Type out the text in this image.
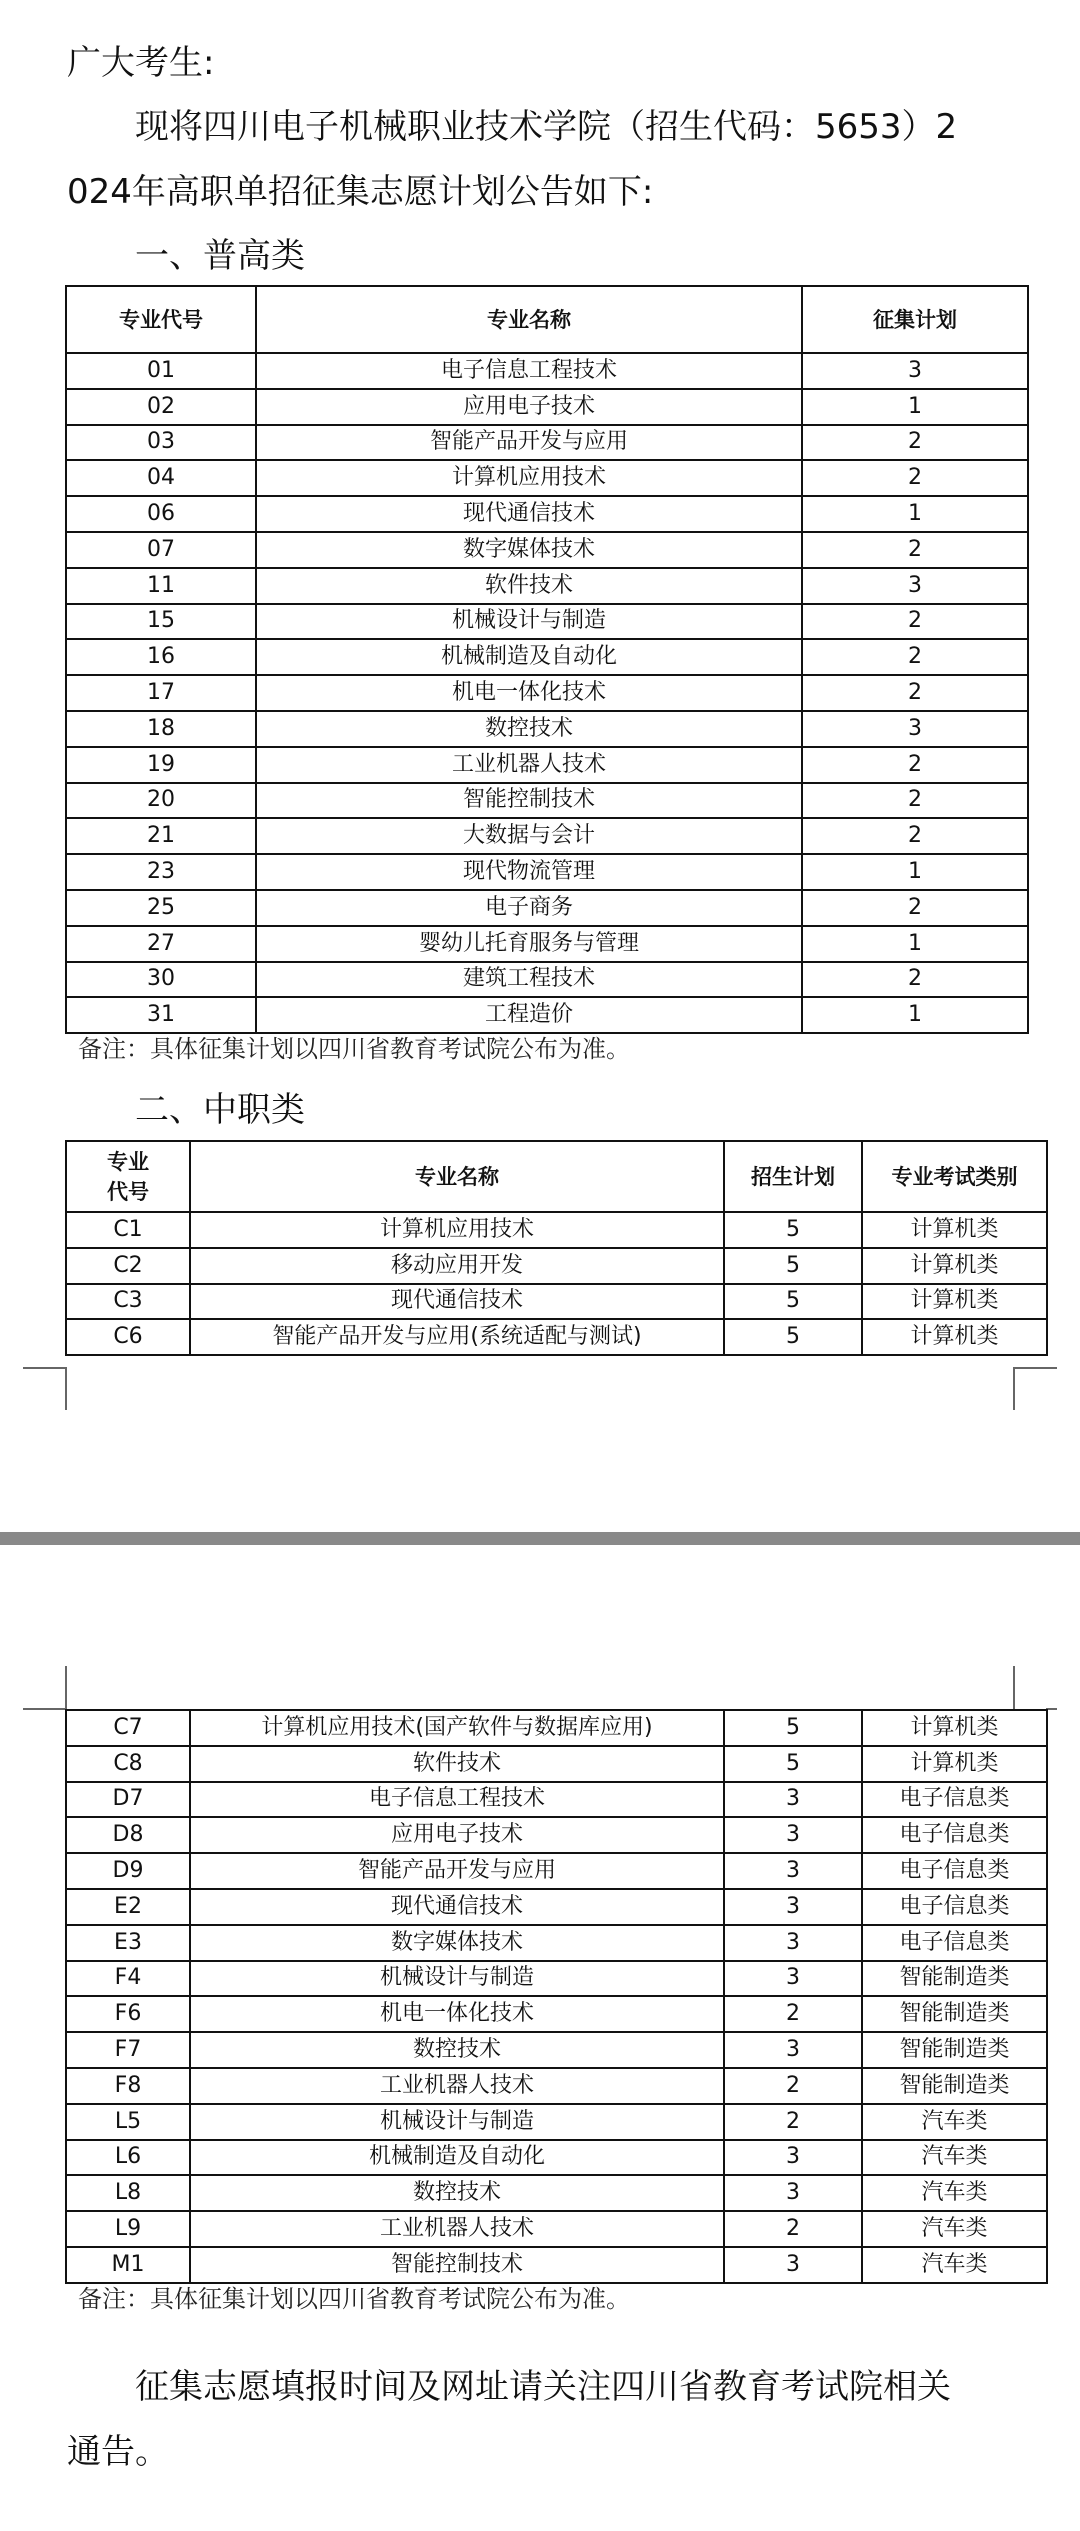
广大考生:
现将四川电子机械职业技术学院（招生代码：5653）2
024年高职单招征集志愿计划公告如下:
一、普高类
专业代号	专业名称	征集计划
01	电子信息工程技术	3
02	应用电子技术	1
03	智能产品开发与应用	2
04	计算机应用技术	2
06	现代通信技术	1
07	数字媒体技术	2
11	软件技术	3
15	机械设计与制造	2
16	机械制造及自动化	2
17	机电一体化技术	2
18	数控技术	3
19	工业机器人技术	2
20	智能控制技术	2
21	大数据与会计	2
23	现代物流管理	1
25	电子商务	2
27	婴幼儿托育服务与管理	1
30	建筑工程技术	2
31	工程造价	1
备注：具体征集计划以四川省教育考试院公布为准。
二、中职类
专业
代号	专业名称	招生计划	专业考试类别
C1	计算机应用技术	5	计算机类
C2	移动应用开发	5	计算机类
C3	现代通信技术	5	计算机类
C6	智能产品开发与应用(系统适配与测试)	5	计算机类
C7	计算机应用技术(国产软件与数据库应用)	5	计算机类
C8	软件技术	5	计算机类
D7	电子信息工程技术	3	电子信息类
D8	应用电子技术	3	电子信息类
D9	智能产品开发与应用	3	电子信息类
E2	现代通信技术	3	电子信息类
E3	数字媒体技术	3	电子信息类
F4	机械设计与制造	3	智能制造类
F6	机电一体化技术	2	智能制造类
F7	数控技术	3	智能制造类
F8	工业机器人技术	2	智能制造类
L5	机械设计与制造	2	汽车类
L6	机械制造及自动化	3	汽车类
L8	数控技术	3	汽车类
L9	工业机器人技术	2	汽车类
M1	智能控制技术	3	汽车类
备注：具体征集计划以四川省教育考试院公布为准。
征集志愿填报时间及网址请关注四川省教育考试院相关
通告。
